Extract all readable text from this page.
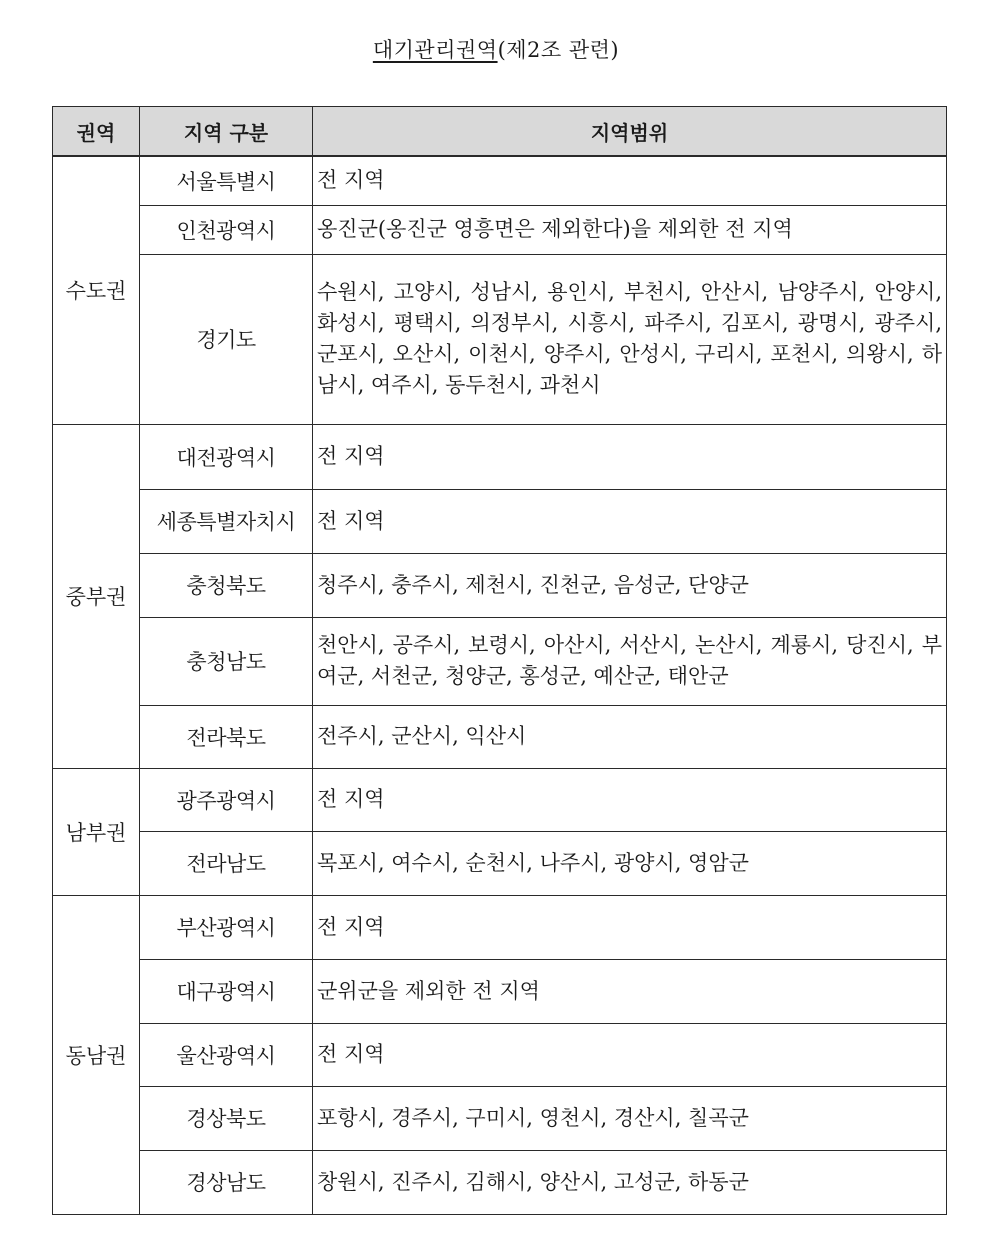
대기관리권역(제2조 관련)
권역	지역 구분	지역범위
수도권	서울특별시	전 지역
	인천광역시	옹진군(옹진군 영흥면은 제외한다)을 제외한 전 지역
	경기도	수원시, 고양시, 성남시, 용인시, 부천시, 안산시, 남양주시, 안양시, 화성시, 평택시, 의정부시, 시흥시, 파주시, 김포시, 광명시, 광주시, 군포시, 오산시, 이천시, 양주시, 안성시, 구리시, 포천시, 의왕시, 하남시, 여주시, 동두천시, 과천시
중부권	대전광역시	전 지역
	세종특별자치시	전 지역
	충청북도	청주시, 충주시, 제천시, 진천군, 음성군, 단양군
	충청남도	천안시, 공주시, 보령시, 아산시, 서산시, 논산시, 계룡시, 당진시, 부여군, 서천군, 청양군, 홍성군, 예산군, 태안군
	전라북도	전주시, 군산시, 익산시
남부권	광주광역시	전 지역
	전라남도	목포시, 여수시, 순천시, 나주시, 광양시, 영암군
동남권	부산광역시	전 지역
	대구광역시	군위군을 제외한 전 지역
	울산광역시	전 지역
	경상북도	포항시, 경주시, 구미시, 영천시, 경산시, 칠곡군
	경상남도	창원시, 진주시, 김해시, 양산시, 고성군, 하동군
